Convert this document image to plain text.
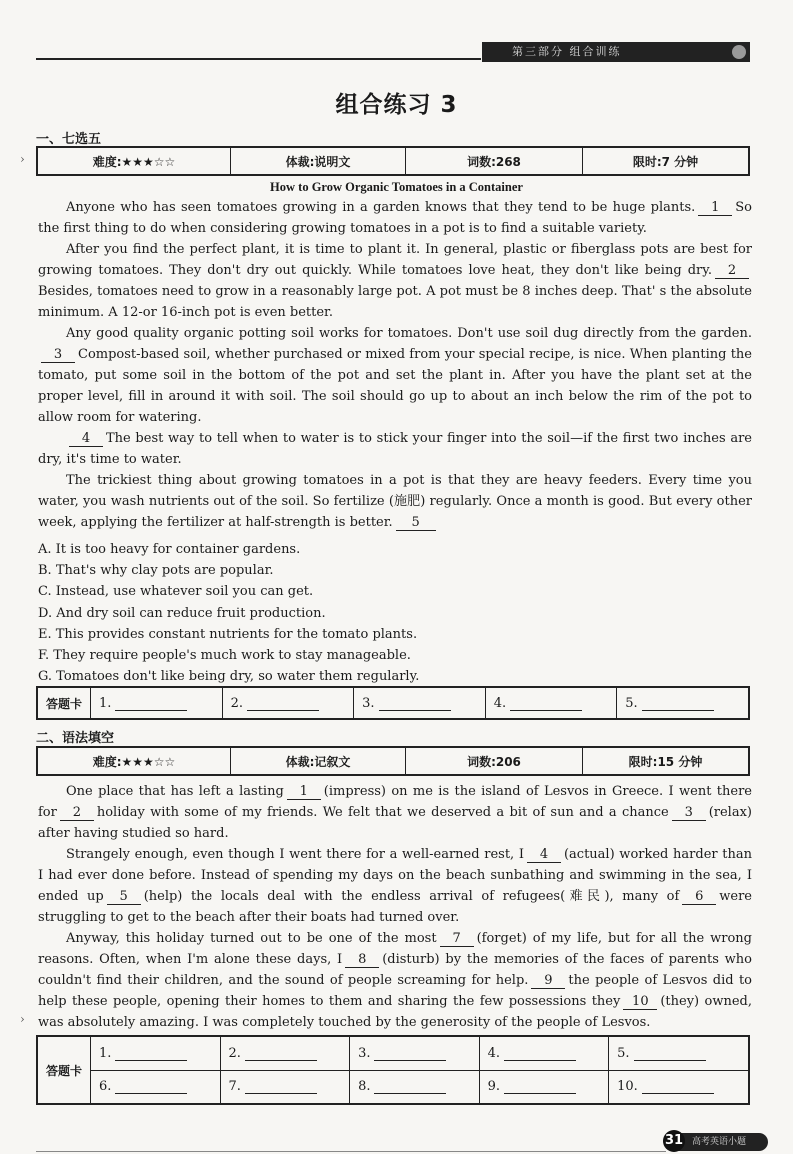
第三部分 组合训练
组合练习 3
一、七选五
›	难度:★★★☆☆	体裁:说明文	词数:268	限时:7 分钟
How to Grow Organic Tomatoes in a Container

Anyone who has seen tomatoes growing in a garden knows that they tend to be huge plants. 1 So the first thing to do when considering growing tomatoes in a pot is to find a suitable variety.

After you find the perfect plant, it is time to plant it. In general, plastic or fiberglass pots are best for growing tomatoes. They don't dry out quickly. While tomatoes love heat, they don't like being dry. 2Besides, tomatoes need to grow in a reasonably large pot. A pot must be 8 inches deep. That' s the absolute minimum. A 12-or 16-inch pot is even better.

Any good quality organic potting soil works for tomatoes. Don't use soil dug directly from the garden.3 Compost-based soil, whether purchased or mixed from your special recipe, is nice. When planting the tomato, put some soil in the bottom of the pot and set the plant in. After you have the plant set at the proper level, fill in around it with soil. The soil should go up to about an inch below the rim of the pot to allow room for watering.

4 The best way to tell when to water is to stick your finger into the soil—if the first two inches are dry, it's time to water.

The trickiest thing about growing tomatoes in a pot is that they are heavy feeders. Every time you water, you wash nutrients out of the soil. So fertilize (施肥) regularly. Once a month is good. But every other week, applying the fertilizer at half-strength is better. 5

A. It is too heavy for container gardens.
B. That's why clay pots are popular.
C. Instead, use whatever soil you can get.
D. And dry soil can reduce fruit production.
E. This provides constant nutrients for the tomato plants.
F. They require people's much work to stay manageable.
G. Tomatoes don't like being dry, so water them regularly.
答题卡	1.	2.	3.	4.	5.
二、语法填空
难度:★★★☆☆	体裁:记叙文	词数:206	限时:15 分钟

One place that has left a lasting 1 (impress) on me is the island of Lesvos in Greece. I went there for 2 holiday with some of my friends. We felt that we deserved a bit of sun and a chance 3 (relax) after having studied so hard.

Strangely enough, even though I went there for a well-earned rest, I 4 (actual) worked harder than I had ever done before. Instead of spending my days on the beach sunbathing and swimming in the sea, I ended up 5 (help) the locals deal with the endless arrival of refugees(难民), many of 6 were struggling to get to the beach after their boats had turned over.

Anyway, this holiday turned out to be one of the most 7 (forget) of my life, but for all the wrong reasons. Often, when I'm alone these days, I 8 (disturb) by the memories of the faces of parents who couldn't find their children, and the sound of people screaming for help. 9 the people of Lesvos did to help these people, opening their homes to them and sharing the few possessions they 10 (they) owned, was absolutely amazing. I was completely touched by the generosity of the people of Lesvos.

›
答题卡	1.	2.	3.	4.	5.
	6.	7.	8.	9.	10.
高考英语小题
31
